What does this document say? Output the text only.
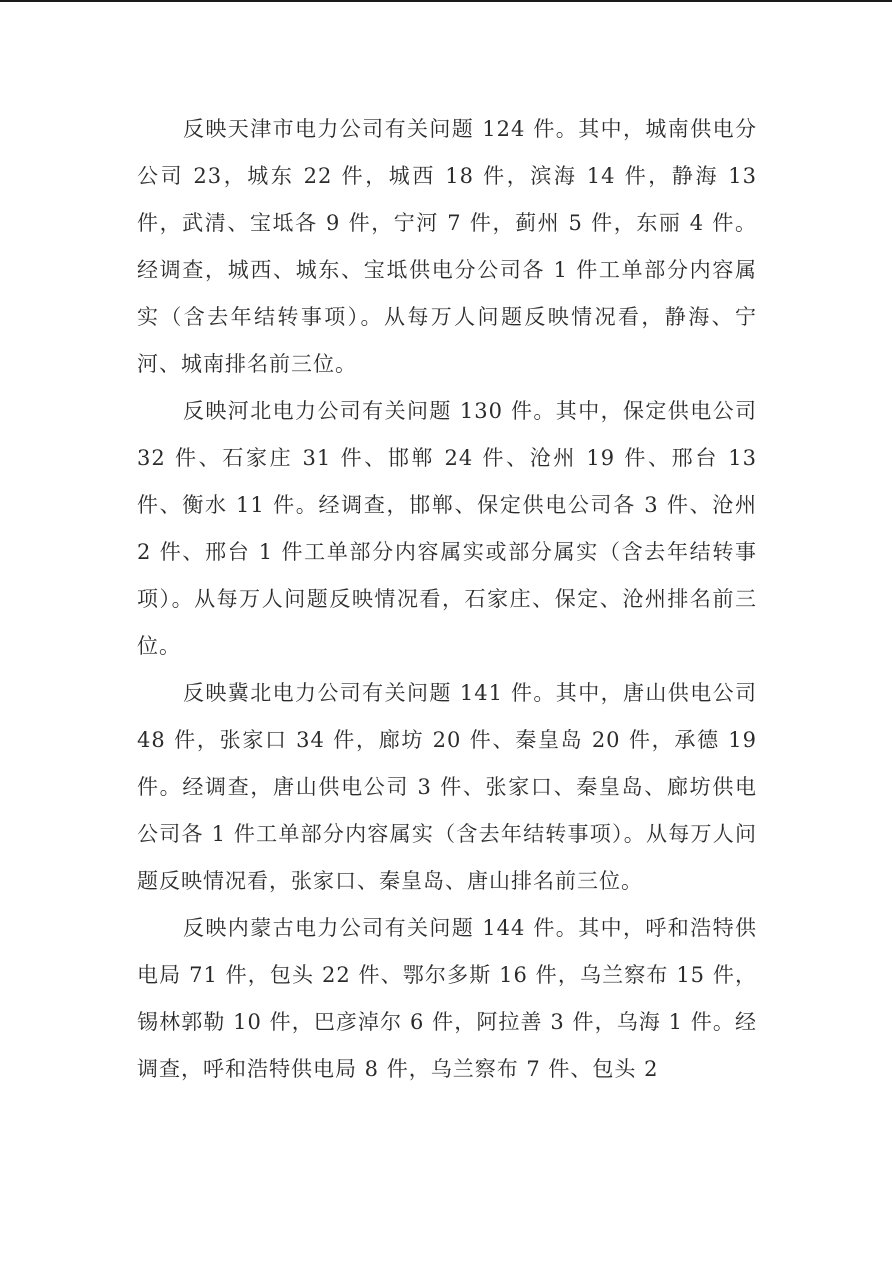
反映天津市电力公司有关问题 124 件。其中，城南供电分公司 23，城东 22 件，城西 18 件，滨海 14 件，静海 13 件，武清、宝坻各 9 件，宁河 7 件，蓟州 5 件，东丽 4 件。经调查，城西、城东、宝坻供电分公司各 1 件工单部分内容属实（含去年结转事项）。从每万人问题反映情况看，静海、宁河、城南排名前三位。

反映河北电力公司有关问题 130 件。其中，保定供电公司 32 件、石家庄 31 件、邯郸 24 件、沧州 19 件、邢台 13 件、衡水 11 件。经调查，邯郸、保定供电公司各 3 件、沧州 2 件、邢台 1 件工单部分内容属实或部分属实（含去年结转事项）。从每万人问题反映情况看，石家庄、保定、沧州排名前三位。

反映冀北电力公司有关问题 141 件。其中，唐山供电公司 48 件，张家口 34 件，廊坊 20 件、秦皇岛 20 件，承德 19 件。经调查，唐山供电公司 3 件、张家口、秦皇岛、廊坊供电公司各 1 件工单部分内容属实（含去年结转事项）。从每万人问题反映情况看，张家口、秦皇岛、唐山排名前三位。

反映内蒙古电力公司有关问题 144 件。其中，呼和浩特供电局 71 件，包头 22 件、鄂尔多斯 16 件，乌兰察布 15 件，锡林郭勒 10 件，巴彦淖尔 6 件，阿拉善 3 件，乌海 1 件。经调查，呼和浩特供电局 8 件，乌兰察布 7 件、包头 2
